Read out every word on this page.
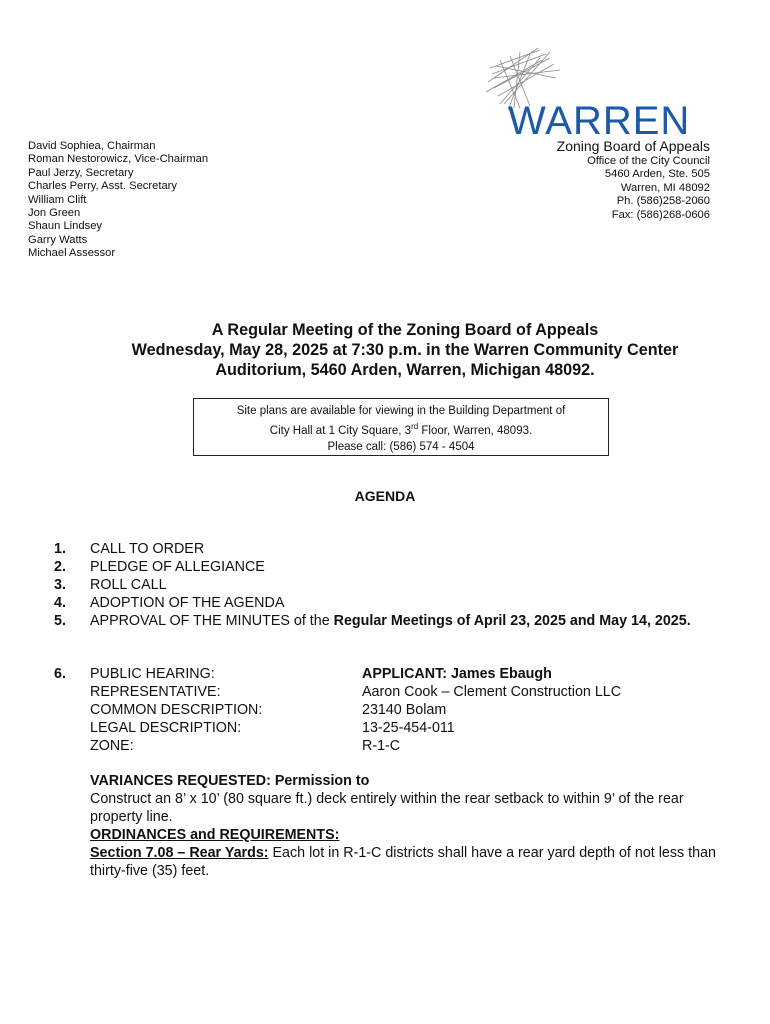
David Sophiea, Chairman
Roman Nestorowicz, Vice-Chairman
Paul Jerzy, Secretary
Charles Perry, Asst. Secretary
William Clift
Jon Green
Shaun Lindsey
Garry Watts
Michael Assessor
WARREN
Zoning Board of Appeals
Office of the City Council
5460 Arden, Ste. 505
Warren, MI 48092
Ph. (586)258-2060
Fax: (586)268-0606
A Regular Meeting of the Zoning Board of Appeals
Wednesday, May 28, 2025 at 7:30 p.m. in the Warren Community Center
Auditorium, 5460 Arden, Warren, Michigan 48092.
Site plans are available for viewing in the Building Department of
City Hall at 1 City Square, 3rd Floor, Warren, 48093.
Please call: (586) 574 - 4504
AGENDA
1. CALL TO ORDER
2. PLEDGE OF ALLEGIANCE
3. ROLL CALL
4. ADOPTION OF THE AGENDA
5. APPROVAL OF THE MINUTES of the Regular Meetings of April 23, 2025 and May 14, 2025.
6. PUBLIC HEARING:
REPRESENTATIVE:
COMMON DESCRIPTION:
LEGAL DESCRIPTION:
ZONE:
APPLICANT: James Ebaugh
Aaron Cook – Clement Construction LLC
23140 Bolam
13-25-454-011
R-1-C
VARIANCES REQUESTED: Permission to
Construct an 8’ x 10’ (80 square ft.) deck entirely within the rear setback to within 9’ of the rear property line.
ORDINANCES and REQUIREMENTS:
Section 7.08 – Rear Yards: Each lot in R-1-C districts shall have a rear yard depth of not less than thirty-five (35) feet.
